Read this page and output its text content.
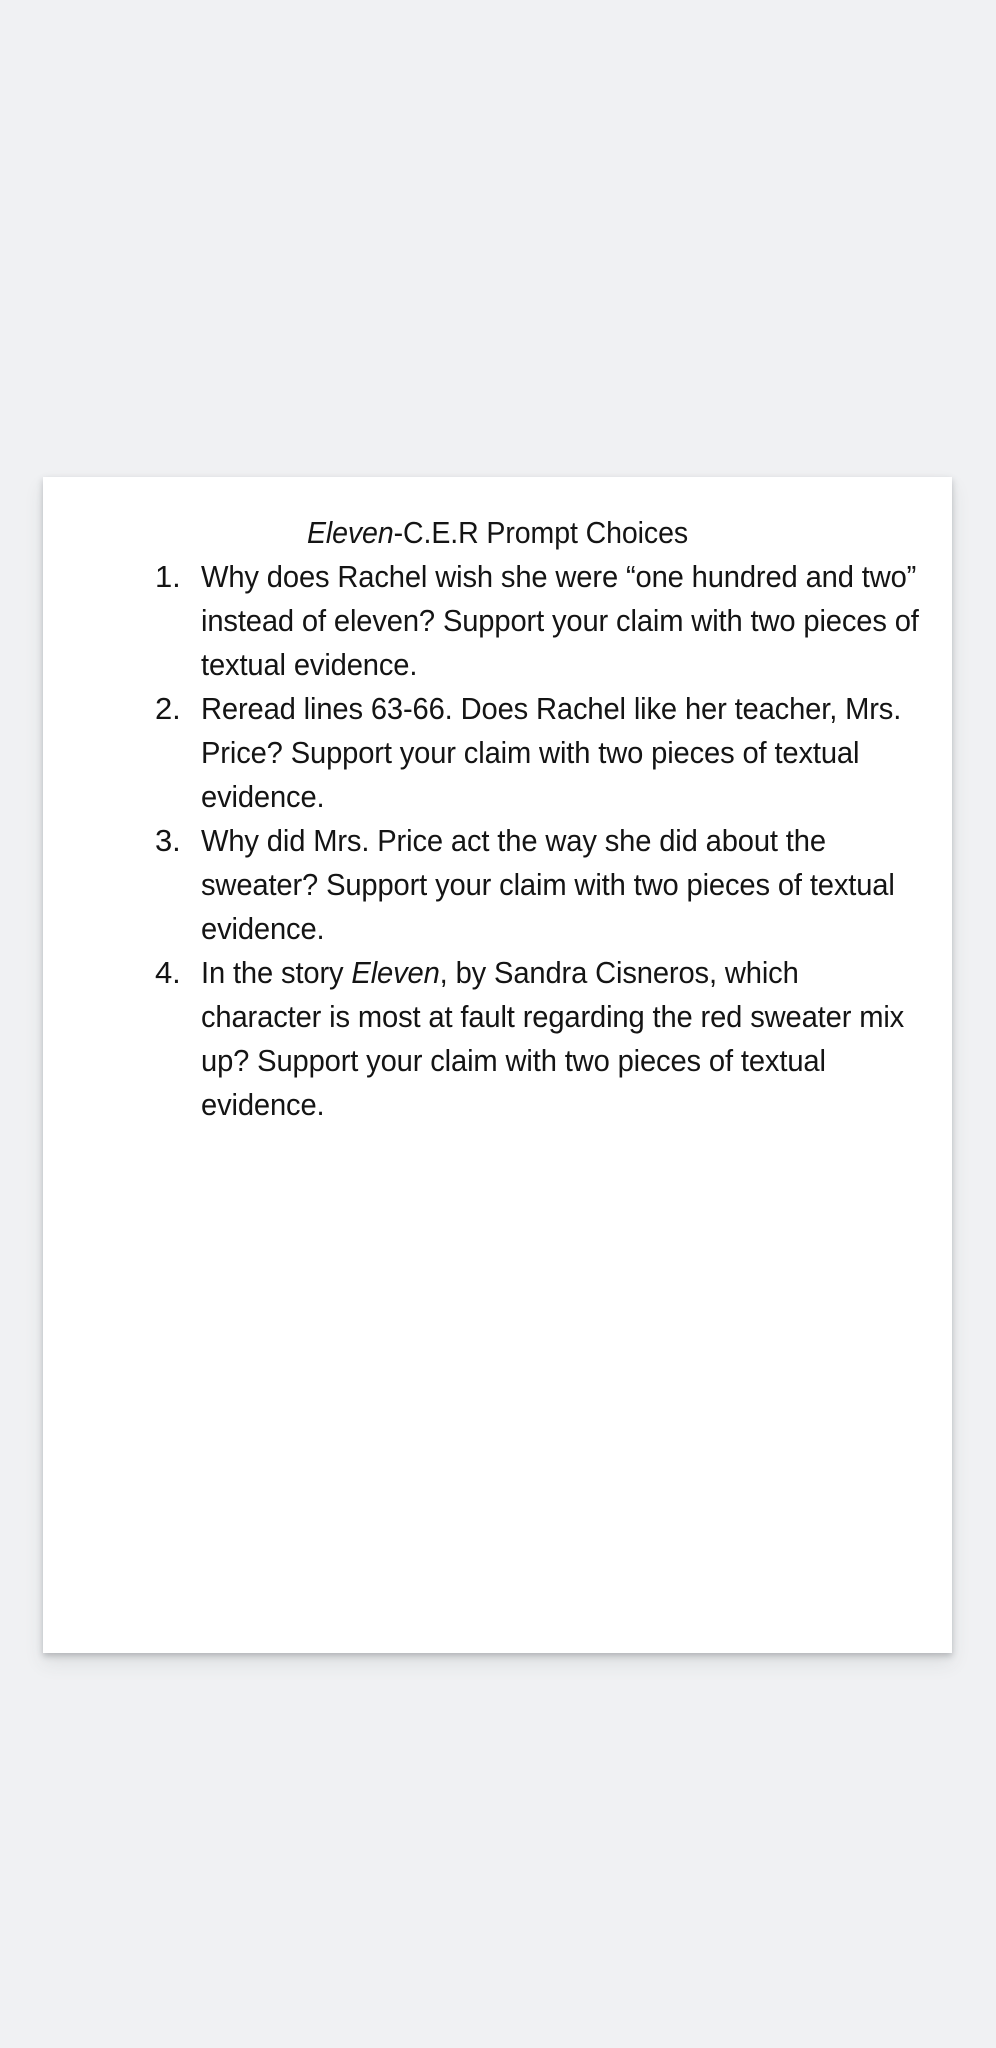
Eleven-C.E.R Prompt Choices
1. Why does Rachel wish she were “one hundred and two” instead of eleven? Support your claim with two pieces of textual evidence.
2. Reread lines 63-66. Does Rachel like her teacher, Mrs. Price? Support your claim with two pieces of textual evidence.
3. Why did Mrs. Price act the way she did about the sweater? Support your claim with two pieces of textual evidence.
4. In the story Eleven, by Sandra Cisneros, which character is most at fault regarding the red sweater mix up? Support your claim with two pieces of textual evidence.
